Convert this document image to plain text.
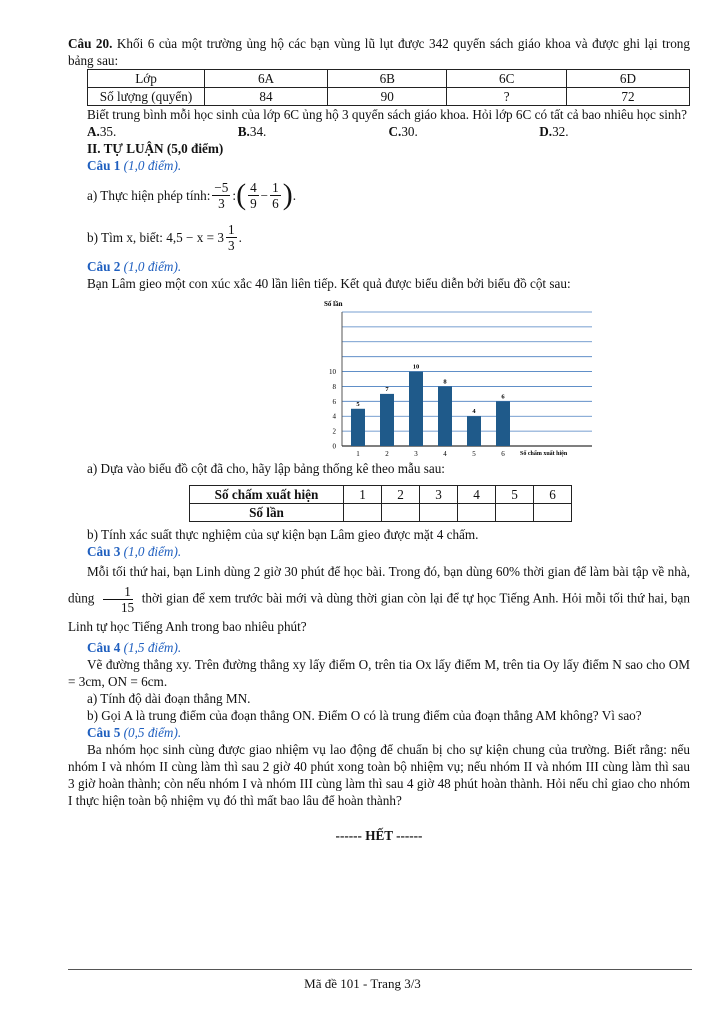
Câu 20. Khối 6 của một trường ủng hộ các bạn vùng lũ lụt được 342 quyển sách giáo khoa và được ghi lại trong bảng sau:

Lớp	6A	6B	6C	6D
Số lượng (quyển)	84	90	?	72

Biết trung bình mỗi học sinh của lớp 6C ủng hộ 3 quyển sách giáo khoa. Hỏi lớp 6C có tất cả bao nhiêu học sinh?

A.35.	B.34.	C.30.	D.32.

II. TỰ LUẬN (5,0 điểm)

Câu 1 (1,0 điểm).

a) Thực hiện phép tính: $\frac{-5}{3}$ : ( $\frac{4}{9} - \frac{1}{6}$ ) .
b) Tìm x, biết: $4,5 - x = 3 \frac{1}{3}$ .

Câu 2 (1,0 điểm).

Bạn Lâm gieo một con xúc xắc 40 lần liên tiếp. Kết quả được biểu diễn bởi biểu đồ cột sau:

Số lần
0
2
4
6
8
10
5
1
7
2
10
3
8
4
4
5
6
6	Số chấm xuất hiện

a) Dựa vào biểu đồ cột đã cho, hãy lập bảng thống kê theo mẫu sau:

Số chấm xuất hiện	1	2	3	4	5	6
Số lần						

b) Tính xác suất thực nghiệm của sự kiện bạn Lâm gieo được mặt 4 chấm.

Câu 3 (1,0 điểm).

Mỗi tối thứ hai, bạn Linh dùng 2 giờ 30 phút để học bài. Trong đó, bạn dùng 60% thời gian để làm bài tập về nhà, dùng $\frac{1}{15}$ thời gian để xem trước bài mới và dùng thời gian còn lại để tự học Tiếng Anh. Hỏi mỗi tối thứ hai, bạn Linh tự học Tiếng Anh trong bao nhiêu phút?

Câu 4 (1,5 điểm).

Vẽ đường thẳng xy. Trên đường thẳng xy lấy điểm O, trên tia Ox lấy điểm M, trên tia Oy lấy điểm N sao cho OM = 3cm, ON = 6cm.

a) Tính độ dài đoạn thẳng MN.

b) Gọi A là trung điểm của đoạn thẳng ON. Điểm O có là trung điểm của đoạn thẳng AM không? Vì sao?

Câu 5 (0,5 điểm).

Ba nhóm học sinh cùng được giao nhiệm vụ lao động để chuẩn bị cho sự kiện chung của trường. Biết rằng: nếu nhóm I và nhóm II cùng làm thì sau 2 giờ 40 phút xong toàn bộ nhiệm vụ; nếu nhóm II và nhóm III cùng làm thì sau 3 giờ hoàn thành; còn nếu nhóm I và nhóm III cùng làm thì sau 4 giờ 48 phút hoàn thành. Hỏi nếu chỉ giao cho nhóm I thực hiện toàn bộ nhiệm vụ đó thì mất bao lâu để hoàn thành?

------ HẾT ------

Mã đề 101 - Trang 3/3
